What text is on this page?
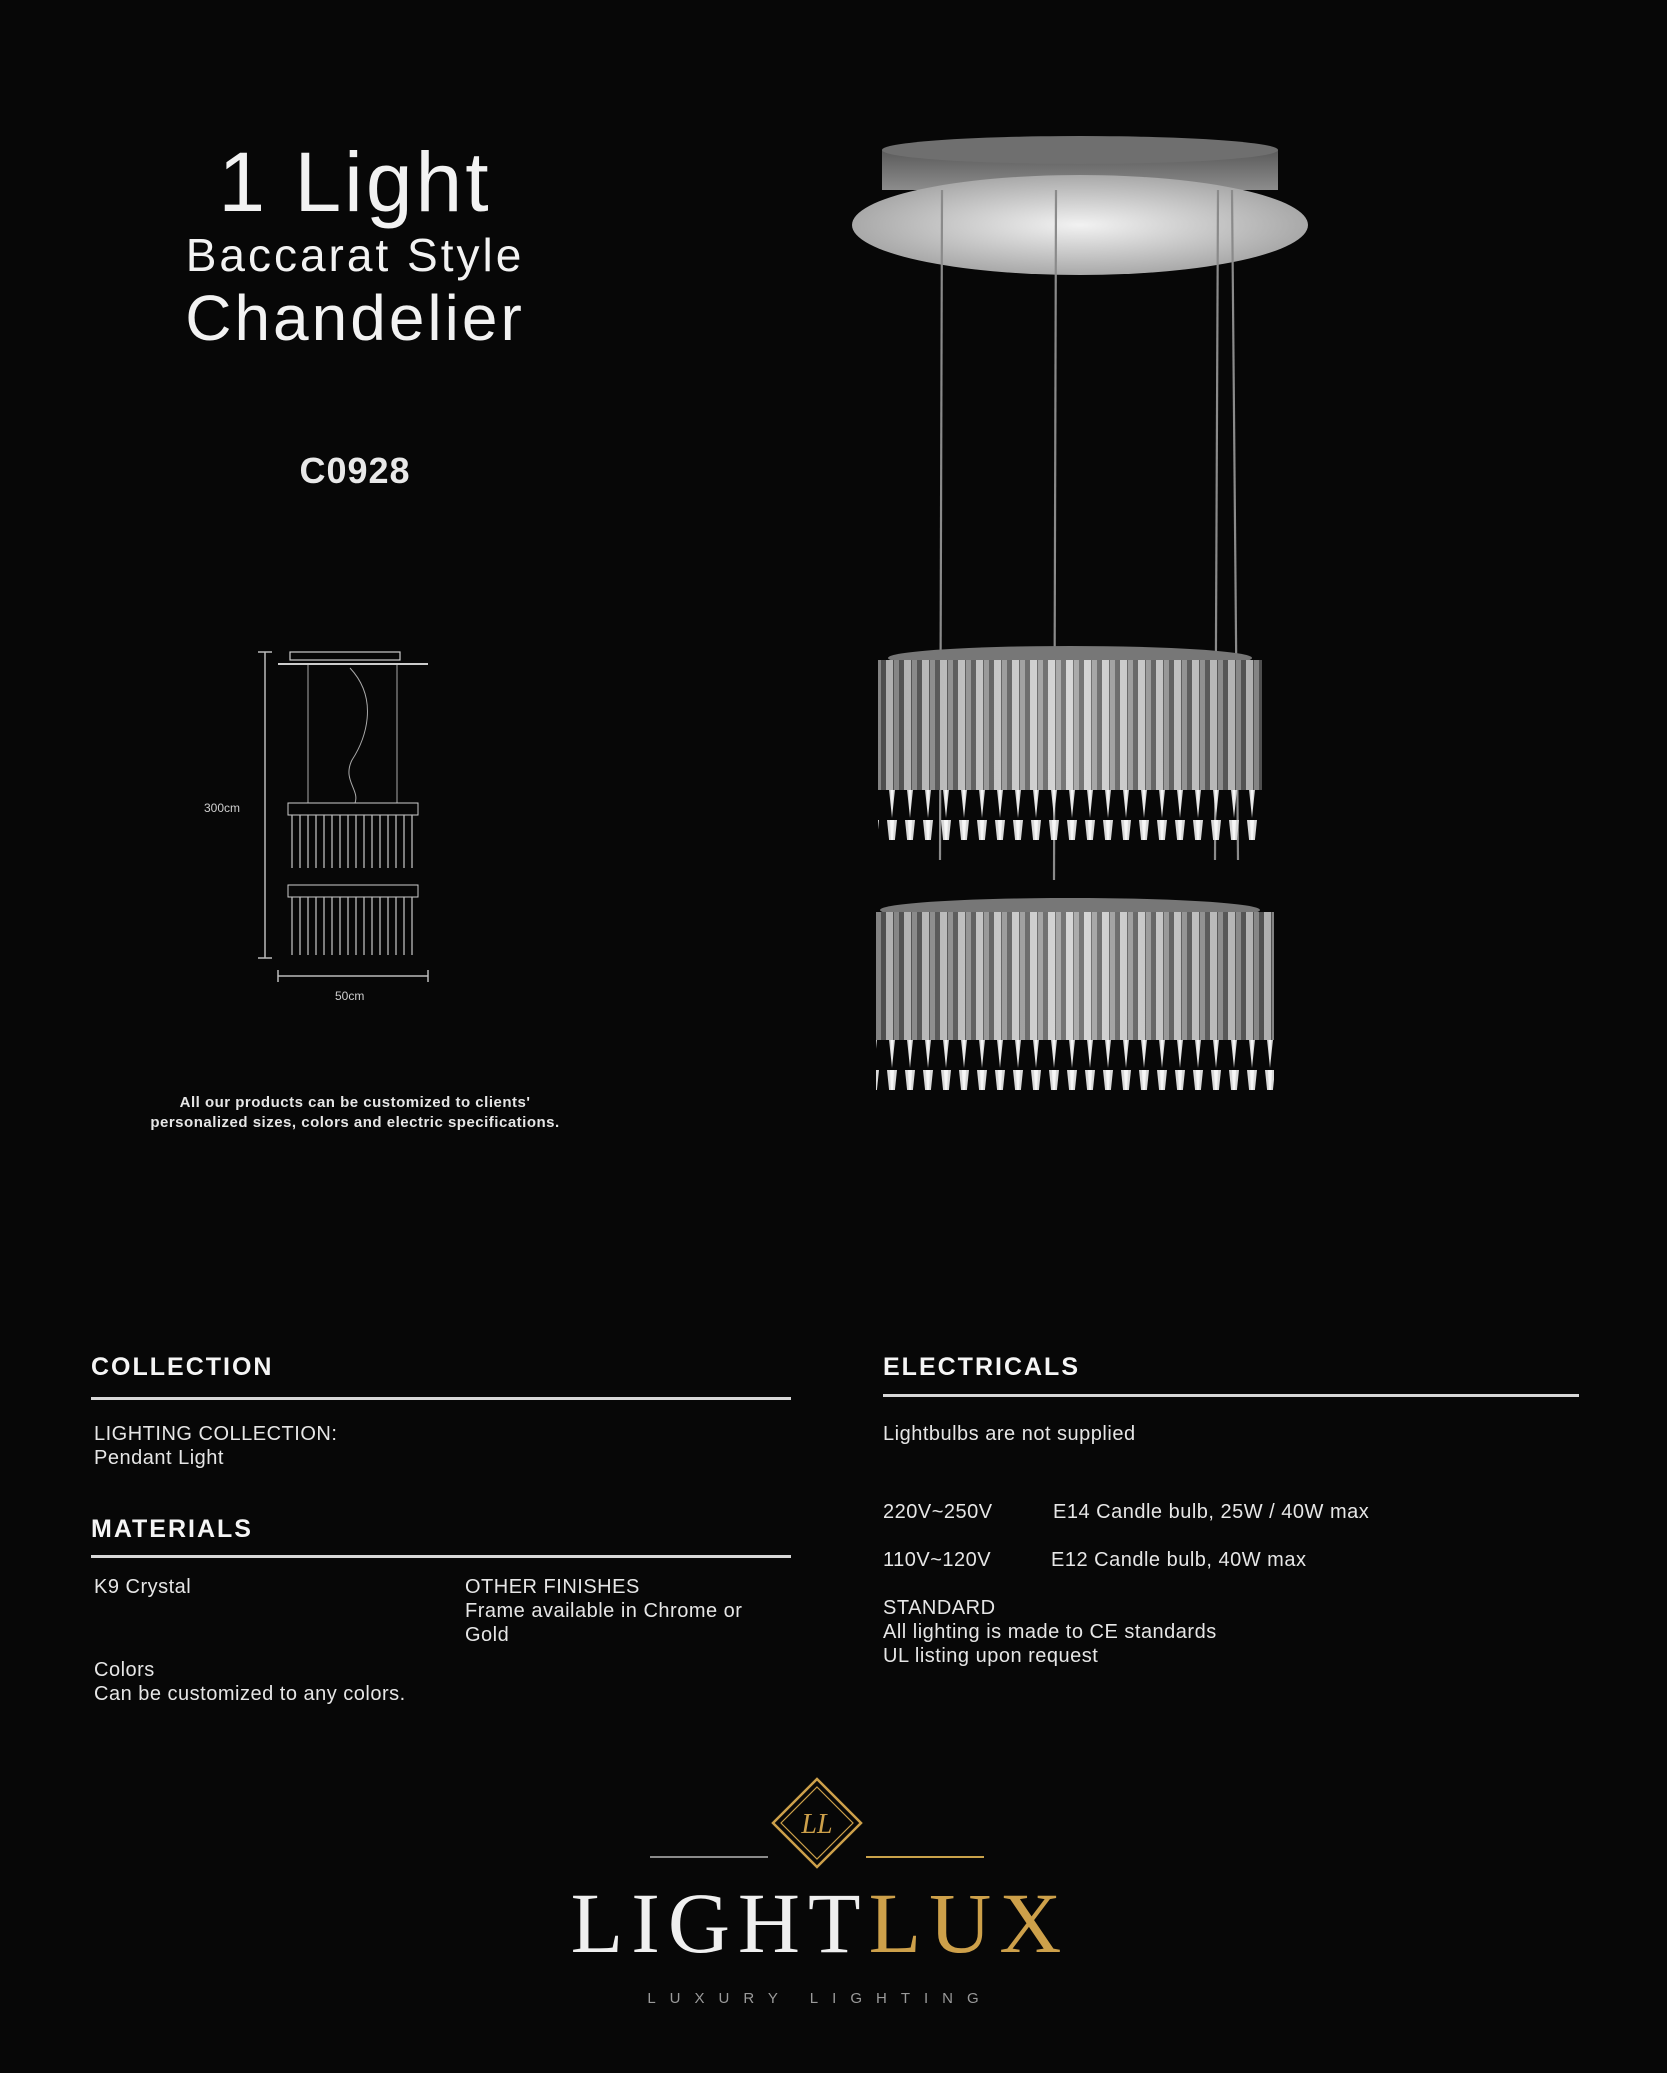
1 Light
Baccarat Style
Chandelier
C0928
300cm
50cm
All our products can be customized to clients'
personalized sizes, colors and electric specifications.
COLLECTION
LIGHTING COLLECTION:
Pendant Light
MATERIALS
K9 Crystal	OTHER FINISHES
Frame available in Chrome or
Gold
Colors
Can be customized to any colors.
ELECTRICALS
Lightbulbs are not supplied
220V~250V	E14 Candle bulb, 25W / 40W max
110V~120V	E12 Candle bulb, 40W max
STANDARD
All lighting is made to CE standards
UL listing upon request
LL
LIGHTLUX
LUXURY LIGHTING
